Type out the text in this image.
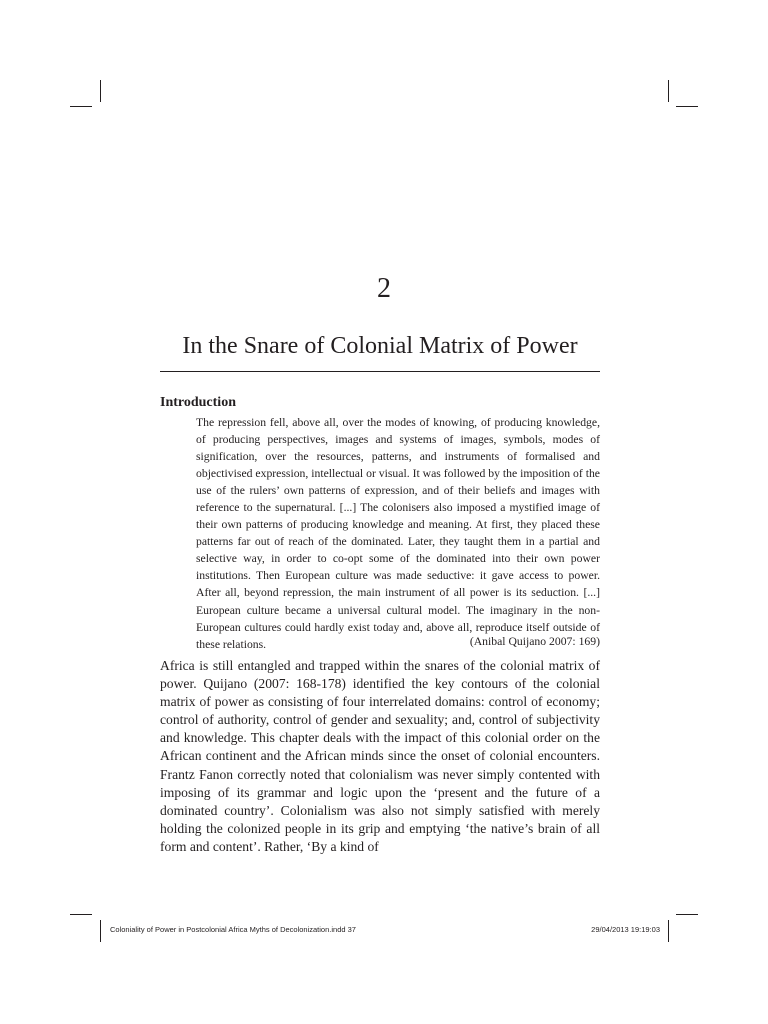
2
In the Snare of Colonial Matrix of Power
Introduction

The repression fell, above all, over the modes of knowing, of producing knowledge, of producing perspectives, images and systems of images, symbols, modes of signification, over the resources, patterns, and instruments of formalised and objectivised expression, intellectual or visual. It was followed by the imposition of the use of the rulers’ own patterns of expression, and of their beliefs and images with reference to the supernatural. [...] The colonisers also imposed a mystified image of their own patterns of producing knowledge and meaning. At first, they placed these patterns far out of reach of the dominated. Later, they taught them in a partial and selective way, in order to co-opt some of the dominated into their own power institutions. Then European culture was made seductive: it gave access to power. After all, beyond repression, the main instrument of all power is its seduction. [...] European culture became a universal cultural model. The imaginary in the non-European cultures could hardly exist today and, above all, reproduce itself outside of these relations.	(Anibal Quijano 2007: 169)

Africa is still entangled and trapped within the snares of the colonial matrix of power. Quijano (2007: 168-178) identified the key contours of the colonial matrix of power as consisting of four interrelated domains: control of economy; control of authority, control of gender and sexuality; and, control of subjectivity and knowledge. This chapter deals with the impact of this colonial order on the African continent and the African minds since the onset of colonial encounters. Frantz Fanon correctly noted that colonialism was never simply contented with imposing of its grammar and logic upon the ‘present and the future of a dominated country’. Colonialism was also not simply satisfied with merely holding the colonized people in its grip and emptying ‘the native’s brain of all form and content’. Rather, ‘By a kind of

Coloniality of Power in Postcolonial Africa Myths of Decolonization.indd 37	29/04/2013 19:19:03
